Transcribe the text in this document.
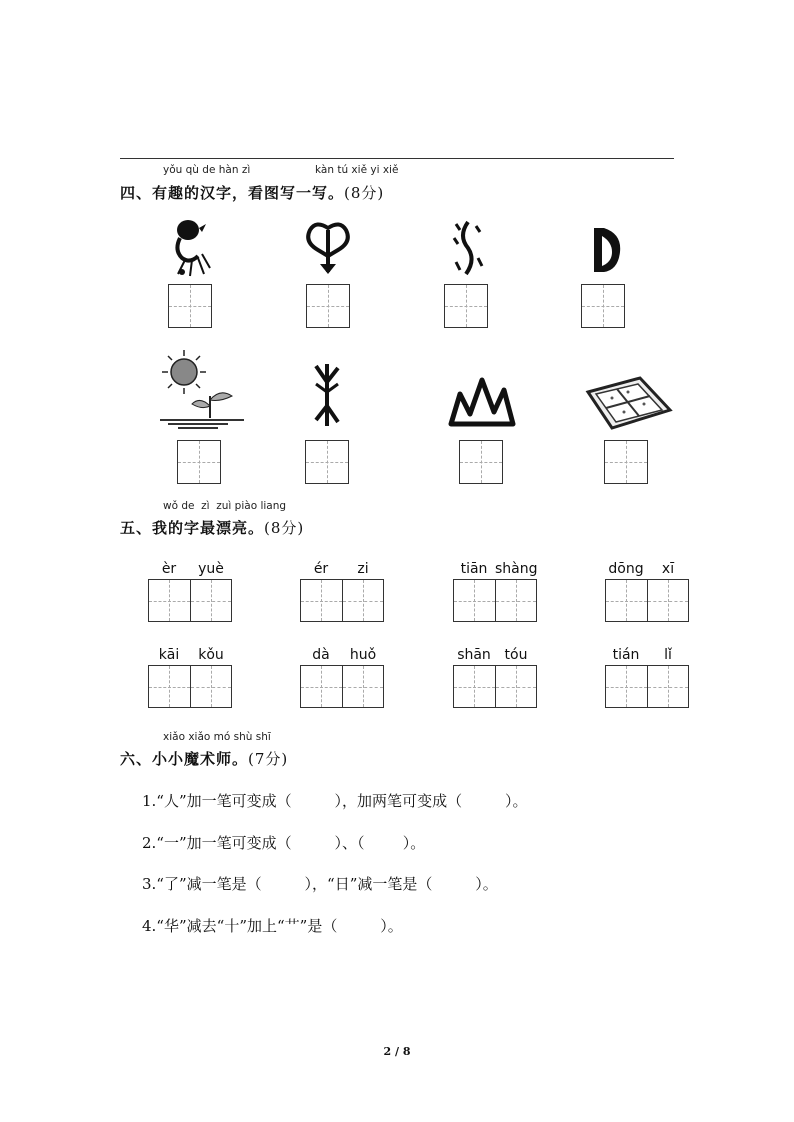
yǒu qù de hàn zì	kàn tú xiě yi xiě
四、有趣的汉字，看图写一写。(8分)
wǒ de  zì  zuì piào liang
五、我的字最漂亮。(8分)
èr	yuè	ér	zi	tiān shàng	dōng	xī
kāi	kǒu	dà	huǒ	shān tóu	tián	lǐ
xiǎo xiǎo mó shù shī
六、小小魔术师。(7分)
1.“人”加一笔可变成（         ），加两笔可变成（         ）。
2.“一”加一笔可变成（         ）、（        ）。
3.“了”减一笔是（         ），“日”减一笔是（         ）。
4.“华”减去“十”加上“艹”是（         ）。
2 / 8
